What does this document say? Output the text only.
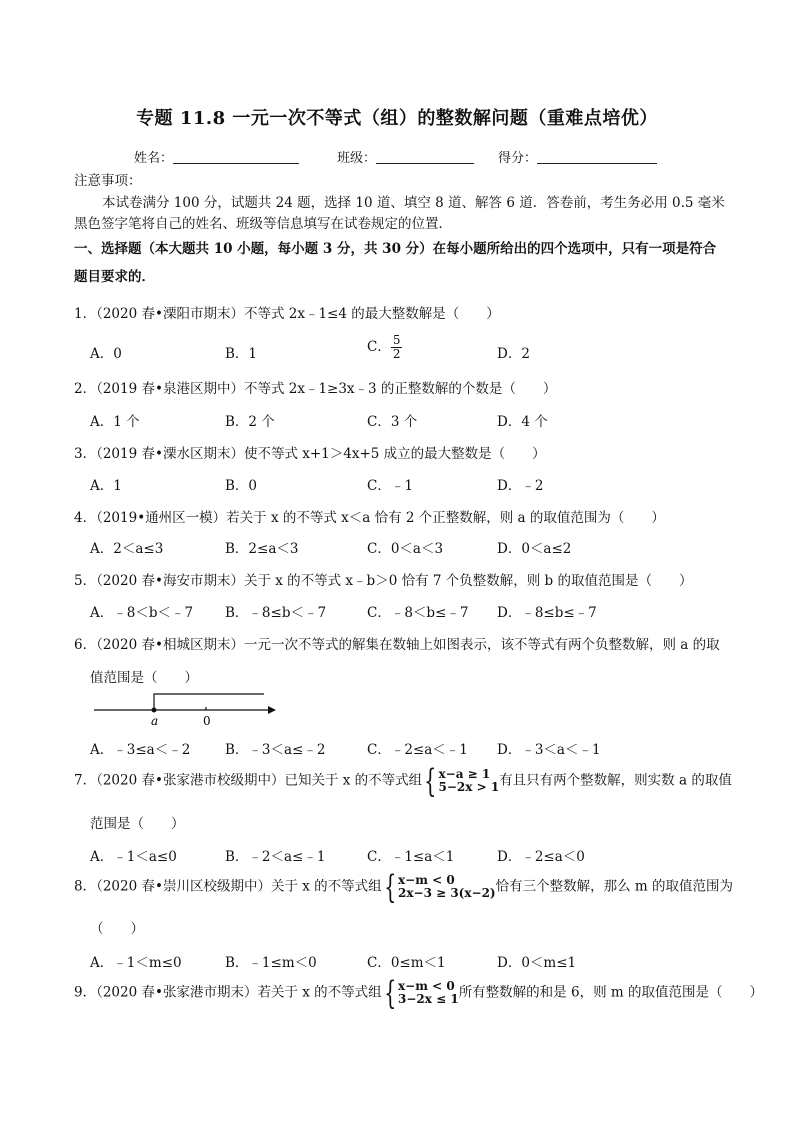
专题 11.8 一元一次不等式（组）的整数解问题（重难点培优）
姓名：	班级：	得分：
注意事项：
本试卷满分 100 分，试题共 24 题，选择 10 道、填空 8 道、解答 6 道．答卷前，考生务必用 0.5 毫米
黑色签字笔将自己的姓名、班级等信息填写在试卷规定的位置．
一、选择题（本大题共 10 小题，每小题 3 分，共 30 分）在每小题所给出的四个选项中，只有一项是符合
题目要求的．
1．（2020 春•溧阳市期末）不等式 2x﹣1≤4 的最大整数解是（　　）
A．0	B．1	C． $\frac{5}{2}$	D．2
2．（2019 春•泉港区期中）不等式 2x﹣1≥3x﹣3 的正整数解的个数是（　　）
A．1 个	B．2 个	C．3 个	D．4 个
3．（2019 春•溧水区期末）使不等式 x+1＞4x+5 成立的最大整数是（　　）
A．1	B．0	C．﹣1	D．﹣2
4．（2019•通州区一模）若关于 x 的不等式 x＜a 恰有 2 个正整数解，则 a 的取值范围为（　　）
A．2＜a≤3	B．2≤a＜3	C．0＜a＜3	D．0＜a≤2
5．（2020 春•海安市期末）关于 x 的不等式 x﹣b＞0 恰有 7 个负整数解，则 b 的取值范围是（　　）
A．﹣8＜b＜﹣7 B．﹣8≤b＜﹣7	C．﹣8＜b≤﹣7 D．﹣8≤b≤﹣7
6．（2020 春•相城区期末）一元一次不等式的解集在数轴上如图表示，该不等式有两个负整数解，则 a 的取
值范围是（　　）
a	0
A．﹣3≤a＜﹣2	B．﹣3＜a≤﹣2	C．﹣2≤a＜﹣1 D．﹣3＜a＜﹣1
7．（2020 春•张家港市校级期中）已知关于 x 的不等式组{ x−a ≥ 1
5−2x > 1 有且只有两个整数解，则实数 a 的取值
范围是（　　）
A．﹣1＜a≤0	B．﹣2＜a≤﹣1	C．﹣1≤a＜1	D．﹣2≤a＜0
8．（2020 春•崇川区校级期中）关于 x 的不等式组{ x−m < 0
2x−3 ≥ 3(x−2) 恰有三个整数解，那么 m 的取值范围为
（　　）
A．﹣1＜m≤0	B．﹣1≤m＜0	C．0≤m＜1	D．0＜m≤1
9．（2020 春•张家港市期末）若关于 x 的不等式组{ x−m < 0
3−2x ≤ 1 所有整数解的和是 6，则 m 的取值范围是（　　）
